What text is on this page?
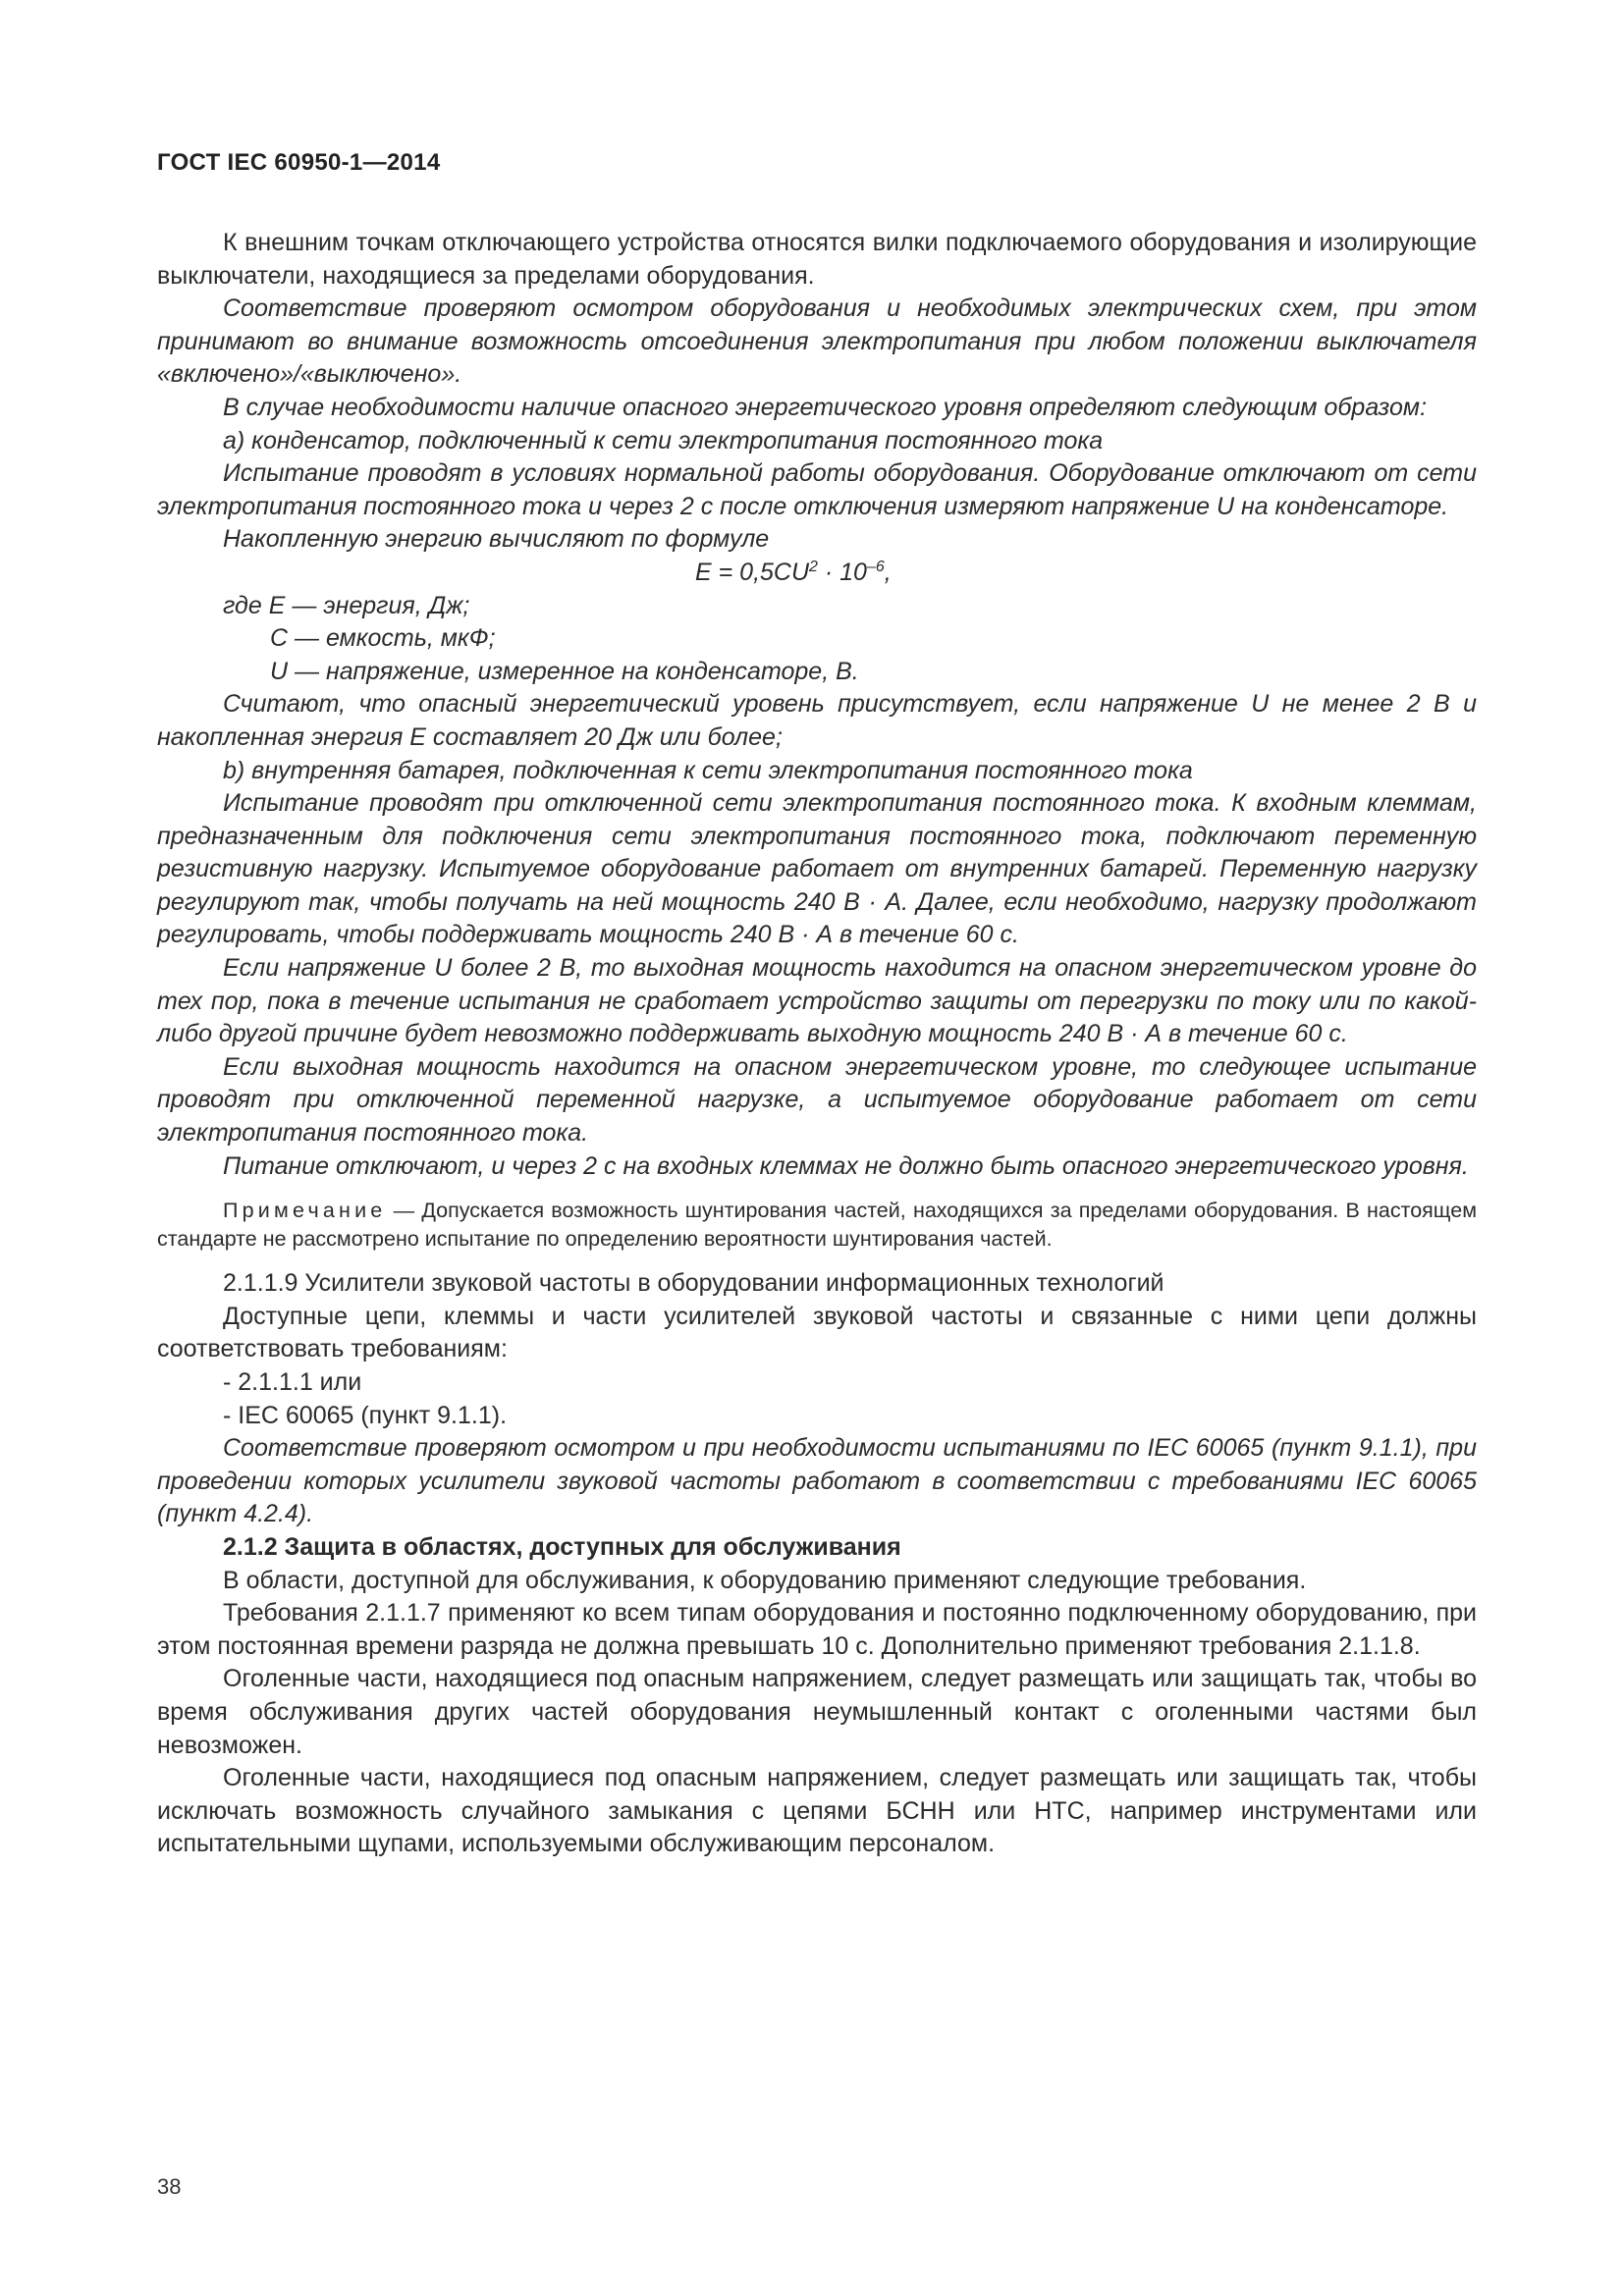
ГОСТ IEC 60950-1—2014

К внешним точкам отключающего устройства относятся вилки подключаемого оборудования и изолирующие выключатели, находящиеся за пределами оборудования.

Соответствие проверяют осмотром оборудования и необходимых электрических схем, при этом принимают во внимание возможность отсоединения электропитания при любом положении выключателя «включено»/«выключено».

В случае необходимости наличие опасного энергетического уровня определяют следующим образом:

а) конденсатор, подключенный к сети электропитания постоянного тока

Испытание проводят в условиях нормальной работы оборудования. Оборудование отключают от сети электропитания постоянного тока и через 2 с после отключения измеряют напряжение U на конденсаторе.

Накопленную энергию вычисляют по формуле

$E = 0,5CU^2 \cdot 10^{-6}$,

где E — энергия, Дж;

C — емкость, мкФ;

U — напряжение, измеренное на конденсаторе, В.

Считают, что опасный энергетический уровень присутствует, если напряжение U не менее 2 В и накопленная энергия E составляет 20 Дж или более;

b) внутренняя батарея, подключенная к сети электропитания постоянного тока

Испытание проводят при отключенной сети электропитания постоянного тока. К входным клеммам, предназначенным для подключения сети электропитания постоянного тока, подключают переменную резистивную нагрузку. Испытуемое оборудование работает от внутренних батарей. Переменную нагрузку регулируют так, чтобы получать на ней мощность 240 В · А. Далее, если необходимо, нагрузку продолжают регулировать, чтобы поддерживать мощность 240 В · А в течение 60 с.

Если напряжение U более 2 В, то выходная мощность находится на опасном энергетическом уровне до тех пор, пока в течение испытания не сработает устройство защиты от перегрузки по току или по какой-либо другой причине будет невозможно поддерживать выходную мощность 240 В · А в течение 60 с.

Если выходная мощность находится на опасном энергетическом уровне, то следующее испытание проводят при отключенной переменной нагрузке, а испытуемое оборудование работает от сети электропитания постоянного тока.

Питание отключают, и через 2 с на входных клеммах не должно быть опасного энергетического уровня.

Примечание — Допускается возможность шунтирования частей, находящихся за пределами оборудования. В настоящем стандарте не рассмотрено испытание по определению вероятности шунтирования частей.

2.1.1.9 Усилители звуковой частоты в оборудовании информационных технологий

Доступные цепи, клеммы и части усилителей звуковой частоты и связанные с ними цепи должны соответствовать требованиям:

- 2.1.1.1 или

- IEC 60065 (пункт 9.1.1).

Соответствие проверяют осмотром и при необходимости испытаниями по IEC 60065 (пункт 9.1.1), при проведении которых усилители звуковой частоты работают в соответствии с требованиями IEC 60065 (пункт 4.2.4).

2.1.2 Защита в областях, доступных для обслуживания

В области, доступной для обслуживания, к оборудованию применяют следующие требования.

Требования 2.1.1.7 применяют ко всем типам оборудования и постоянно подключенному оборудованию, при этом постоянная времени разряда не должна превышать 10 с. Дополнительно применяют требования 2.1.1.8.

Оголенные части, находящиеся под опасным напряжением, следует размещать или защищать так, чтобы во время обслуживания других частей оборудования неумышленный контакт с оголенными частями был невозможен.

Оголенные части, находящиеся под опасным напряжением, следует размещать или защищать так, чтобы исключать возможность случайного замыкания с цепями БСНН или НТС, например инструментами или испытательными щупами, используемыми обслуживающим персоналом.

38
